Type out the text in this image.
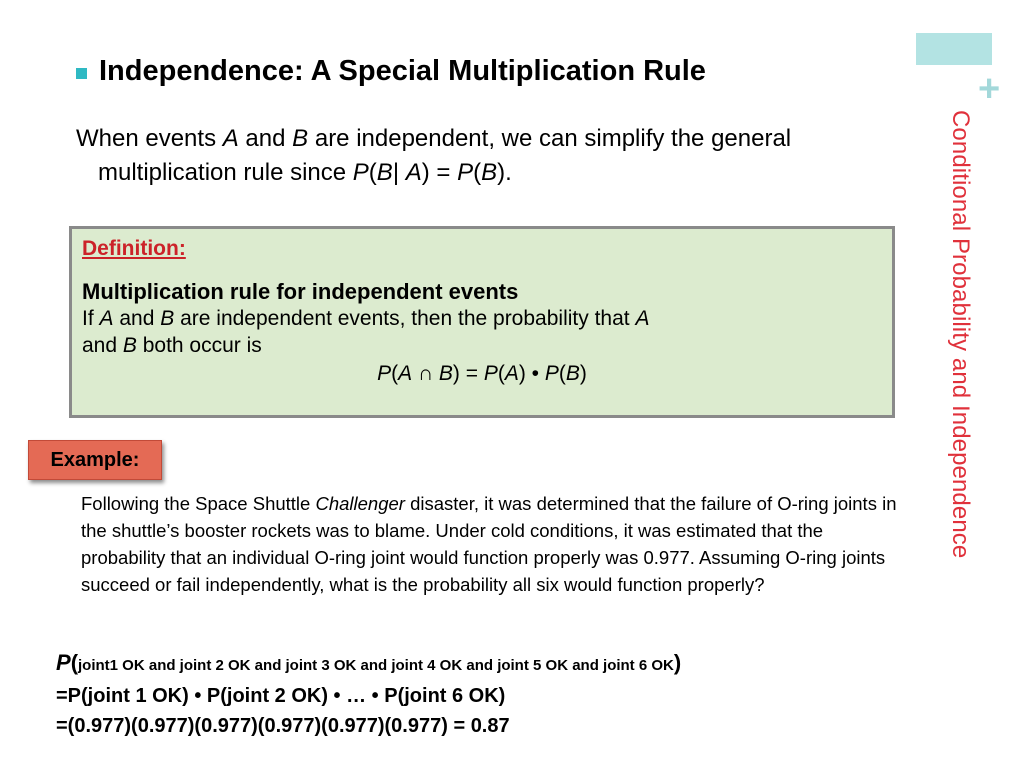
+
Conditional Probability and Independence
Independence: A Special Multiplication Rule
When events A and B are independent, we can simplify the general multiplication rule since P(B| A) = P(B).
Definition:
Multiplication rule for independent events
If A and B are independent events, then the probability that A
and B both occur is
P(A ∩ B) = P(A) • P(B)
Example:
Following the Space Shuttle Challenger disaster, it was determined that the failure of O-ring joints in the shuttle’s booster rockets was to blame. Under cold conditions, it was estimated that the probability that an individual O-ring joint would function properly was 0.977. Assuming O-ring joints succeed or fail independently, what is the probability all six would function properly?
P(joint1 OK and joint 2 OK and joint 3 OK and joint 4 OK and joint 5 OK and joint 6 OK)
=P(joint 1 OK) • P(joint 2 OK) • … • P(joint 6 OK)
=(0.977)(0.977)(0.977)(0.977)(0.977)(0.977) = 0.87
